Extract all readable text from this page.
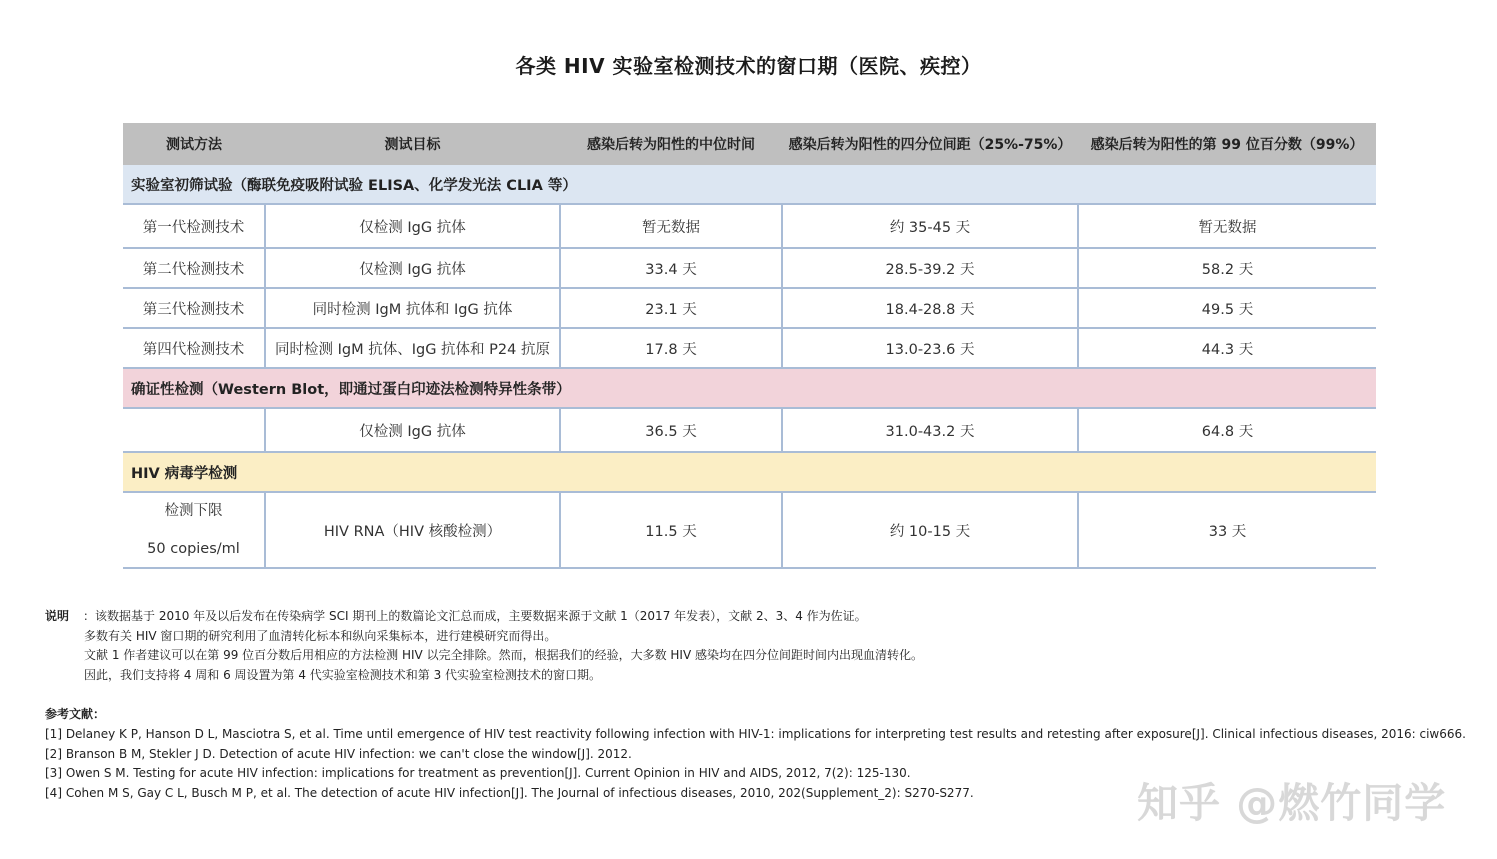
各类 HIV 实验室检测技术的窗口期（医院、疾控）
测试方法	测试目标	感染后转为阳性的中位时间	感染后转为阳性的四分位间距（25%-75%）	感染后转为阳性的第 99 位百分数（99%）
实验室初筛试验（酶联免疫吸附试验 ELISA、化学发光法 CLIA 等）				
第一代检测技术	仅检测 IgG 抗体	暂无数据	约 35-45 天	暂无数据
第二代检测技术	仅检测 IgG 抗体	33.4 天	28.5-39.2 天	58.2 天
第三代检测技术	同时检测 IgM 抗体和 IgG 抗体	23.1 天	18.4-28.8 天	49.5 天
第四代检测技术	同时检测 IgM 抗体、IgG 抗体和 P24 抗原	17.8 天	13.0-23.6 天	44.3 天
确证性检测（Western Blot，即通过蛋白印迹法检测特异性条带）				
	仅检测 IgG 抗体	36.5 天	31.0-43.2 天	64.8 天
HIV 病毒学检测				

检测下限
50 copies/ml	HIV RNA（HIV 核酸检测）	11.5 天	约 10-15 天	33 天
说明 ：该数据基于 2010 年及以后发布在传染病学 SCI 期刊上的数篇论文汇总而成，主要数据来源于文献 1（2017 年发表），文献 2、3、4 作为佐证。
多数有关 HIV 窗口期的研究利用了血清转化标本和纵向采集标本，进行建模研究而得出。
文献 1 作者建议可以在第 99 位百分数后用相应的方法检测 HIV 以完全排除。然而，根据我们的经验，大多数 HIV 感染均在四分位间距时间内出现血清转化。
因此，我们支持将 4 周和 6 周设置为第 4 代实验室检测技术和第 3 代实验室检测技术的窗口期。
参考文献：
[1] Delaney K P, Hanson D L, Masciotra S, et al. Time until emergence of HIV test reactivity following infection with HIV-1: implications for interpreting test results and retesting after exposure[J]. Clinical infectious diseases, 2016: ciw666.
[2] Branson B M, Stekler J D. Detection of acute HIV infection: we can't close the window[J]. 2012.
[3] Owen S M. Testing for acute HIV infection: implications for treatment as prevention[J]. Current Opinion in HIV and AIDS, 2012, 7(2): 125-130.
[4] Cohen M S, Gay C L, Busch M P, et al. The detection of acute HIV infection[J]. The Journal of infectious diseases, 2010, 202(Supplement_2): S270-S277.	知乎 @燃竹同学
